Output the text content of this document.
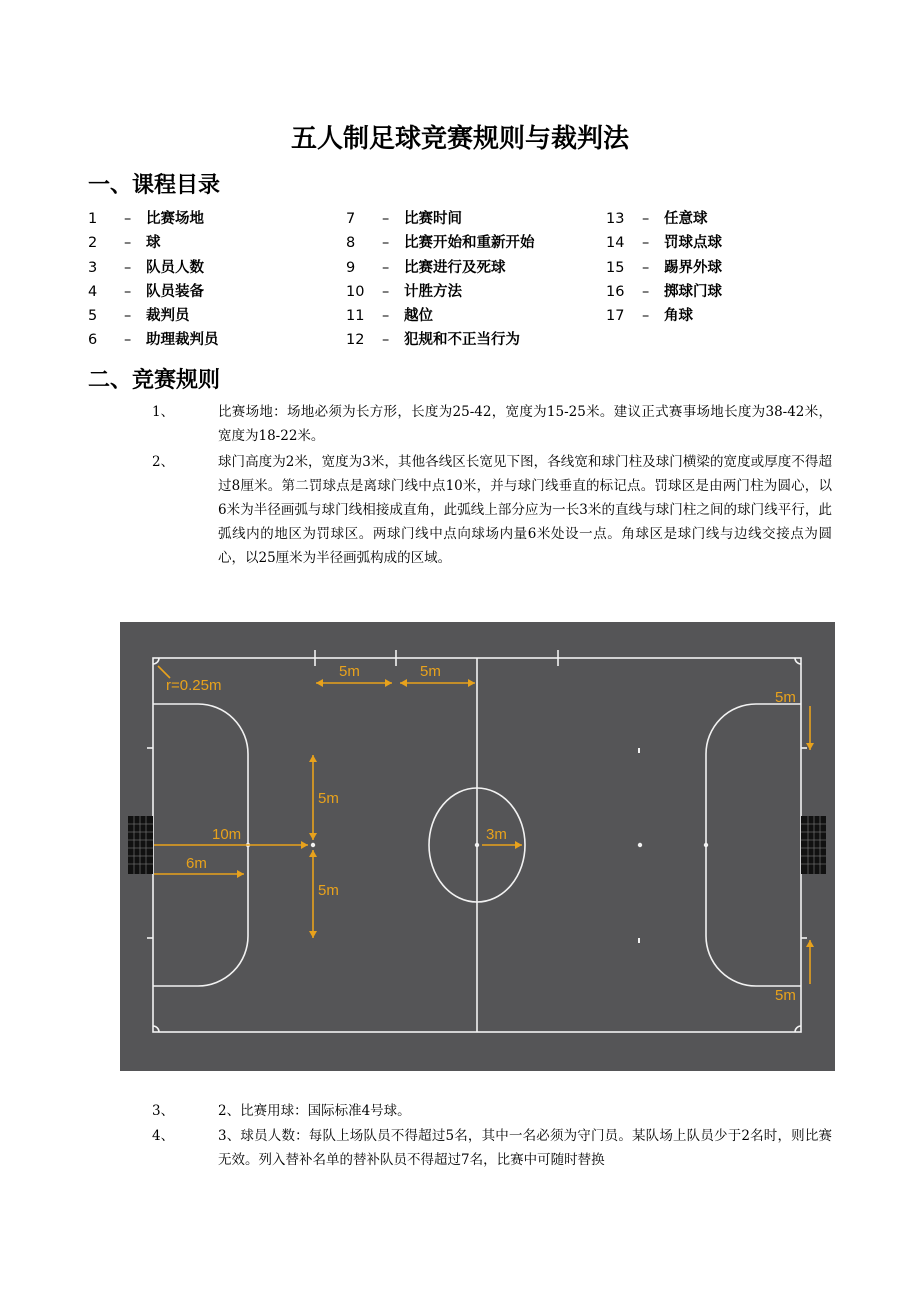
五人制足球竞赛规则与裁判法
一、课程目录
1 – 比赛场地
2 – 球
3 – 队员人数
4 – 队员装备
5 – 裁判员
6 – 助理裁判员
7 – 比赛时间
8 – 比赛开始和重新开始
9 – 比赛进行及死球
10 – 计胜方法
11 – 越位
12 – 犯规和不正当行为
13 – 任意球
14 – 罚球点球
15 – 踢界外球
16 – 掷球门球
17 – 角球
二、竞赛规则
1、	比赛场地：场地必须为长方形，长度为25-42，宽度为15-25米。建议正式赛事场地长度为38-42米，宽度为18-22米。
2、	球门高度为2米，宽度为3米，其他各线区长宽见下图，各线宽和球门柱及球门横梁的宽度或厚度不得超过8厘米。第二罚球点是离球门线中点10米，并与球门线垂直的标记点。罚球区是由两门柱为圆心，以6米为半径画弧与球门线相接成直角，此弧线上部分应为一长3米的直线与球门柱之间的球门线平行，此弧线内的地区为罚球区。两球门线中点向球场内量6米处设一点。角球区是球门线与边线交接点为圆心，以25厘米为半径画弧构成的区域。
r=0.25m
5m	5m
5m
5m
10m
6m
3m
5m
5m
3、	2、比赛用球：国际标准4号球。
4、	3、球员人数：每队上场队员不得超过5名，其中一名必须为守门员。某队场上队员少于2名时，则比赛无效。列入替补名单的替补队员不得超过7名，比赛中可随时替换
